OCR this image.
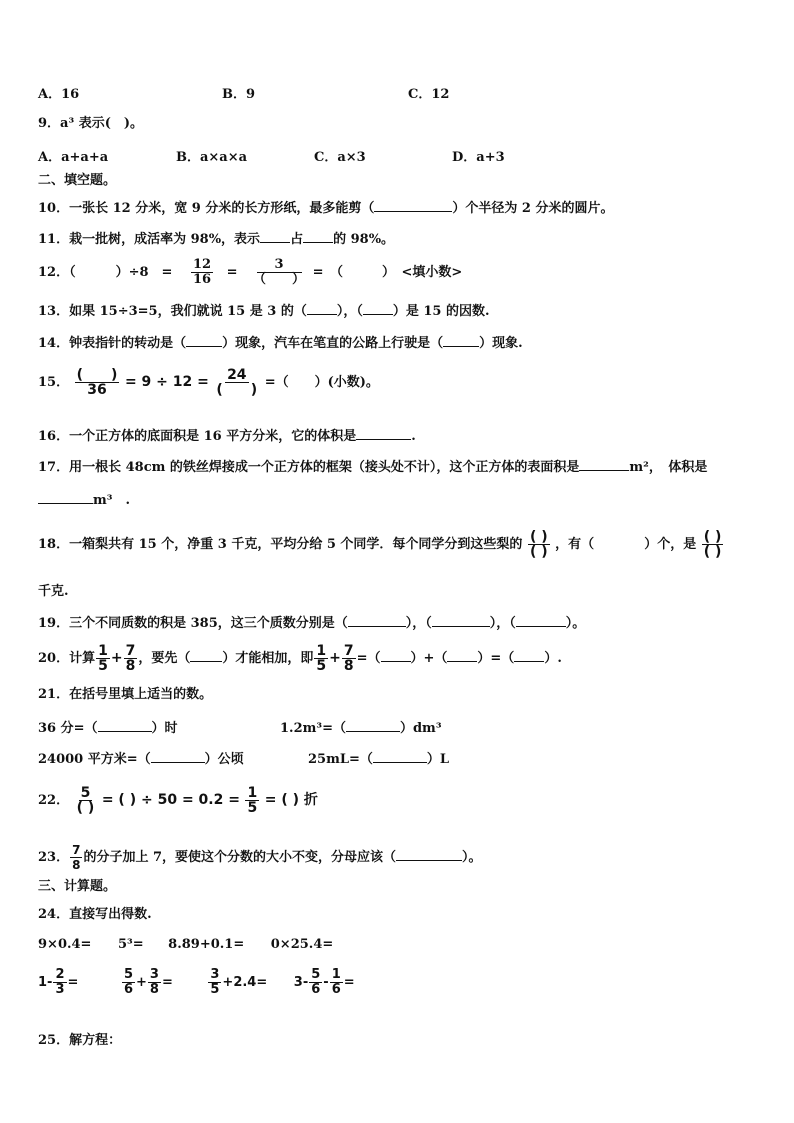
A．16	B．9	C．12
9．a³ 表示(　)。
A．a+a+a	B．a×a×a	C．a×3	D．a+3
二、填空题。
10．一张长 12 分米，宽 9 分米的长方形纸，最多能剪（	）个半径为 2 分米的圆片。
11．栽一批树，成活率为 98%，表示 占 的 98%。
12．（	）÷8　= $\frac{12}{16} = \frac{3}{( )}$ =　（　　　）　<填小数>
13．如果 15÷3=5，我们就说 15 是 3 的（ ），（ ）是 15 的因数.
14．钟表指针的转动是（	）现象，汽车在笔直的公路上行驶是（	）现象.
15． $\frac{( )}{36} = 9 \div 12 = \frac{24}{( )}$ =（　　）(小数)。
16．一个正方体的底面积是 16 平方分米，它的体积是	.
17．用一根长 48cm 的铁丝焊接成一个正方体的框架（接头处不计），这个正方体的表面积是	m²，　体积是
m³　.
18．一箱梨共有 15 个，净重 3 千克，平均分给 5 个同学．每个同学分到这些梨的 $\frac{( )}{( )}$ ，有（	）个，是 $\frac{( )}{( )}$
千克.
19．三个不同质数的积是 385，这三个质数分别是（	），（	），（	）。
20．计算 $\frac{1}{5} + \frac{7}{8}$ ，要先（ ）才能相加，即 $\frac{1}{5} + \frac{7}{8}$ =（ ）+（ ）=（ ）.
21．在括号里填上适当的数。
36 分=（	）时	1.2m³=（	）dm³
24000 平方米=（	）公顷	25mL=（	）L
22． $\frac{5}{( )}$ = ( ) ÷ $50 = 0.2 = \frac{1}{5}$ = ( ) 折
23． $\frac{7}{8}$ 的分子加上 7，要使这个分数的大小不变，分母应该（	）。
三、计算题。
24．直接写出得数.
9×0.4= 5³= 8.89+0.1= 0×25.4=
$1- \frac{2}{3}$ =	$\frac{5}{6} + \frac{3}{8}$ =	$\frac{3}{5} +2.4= 3- \frac{5}{6} - \frac{1}{6}$ =
25．解方程：
